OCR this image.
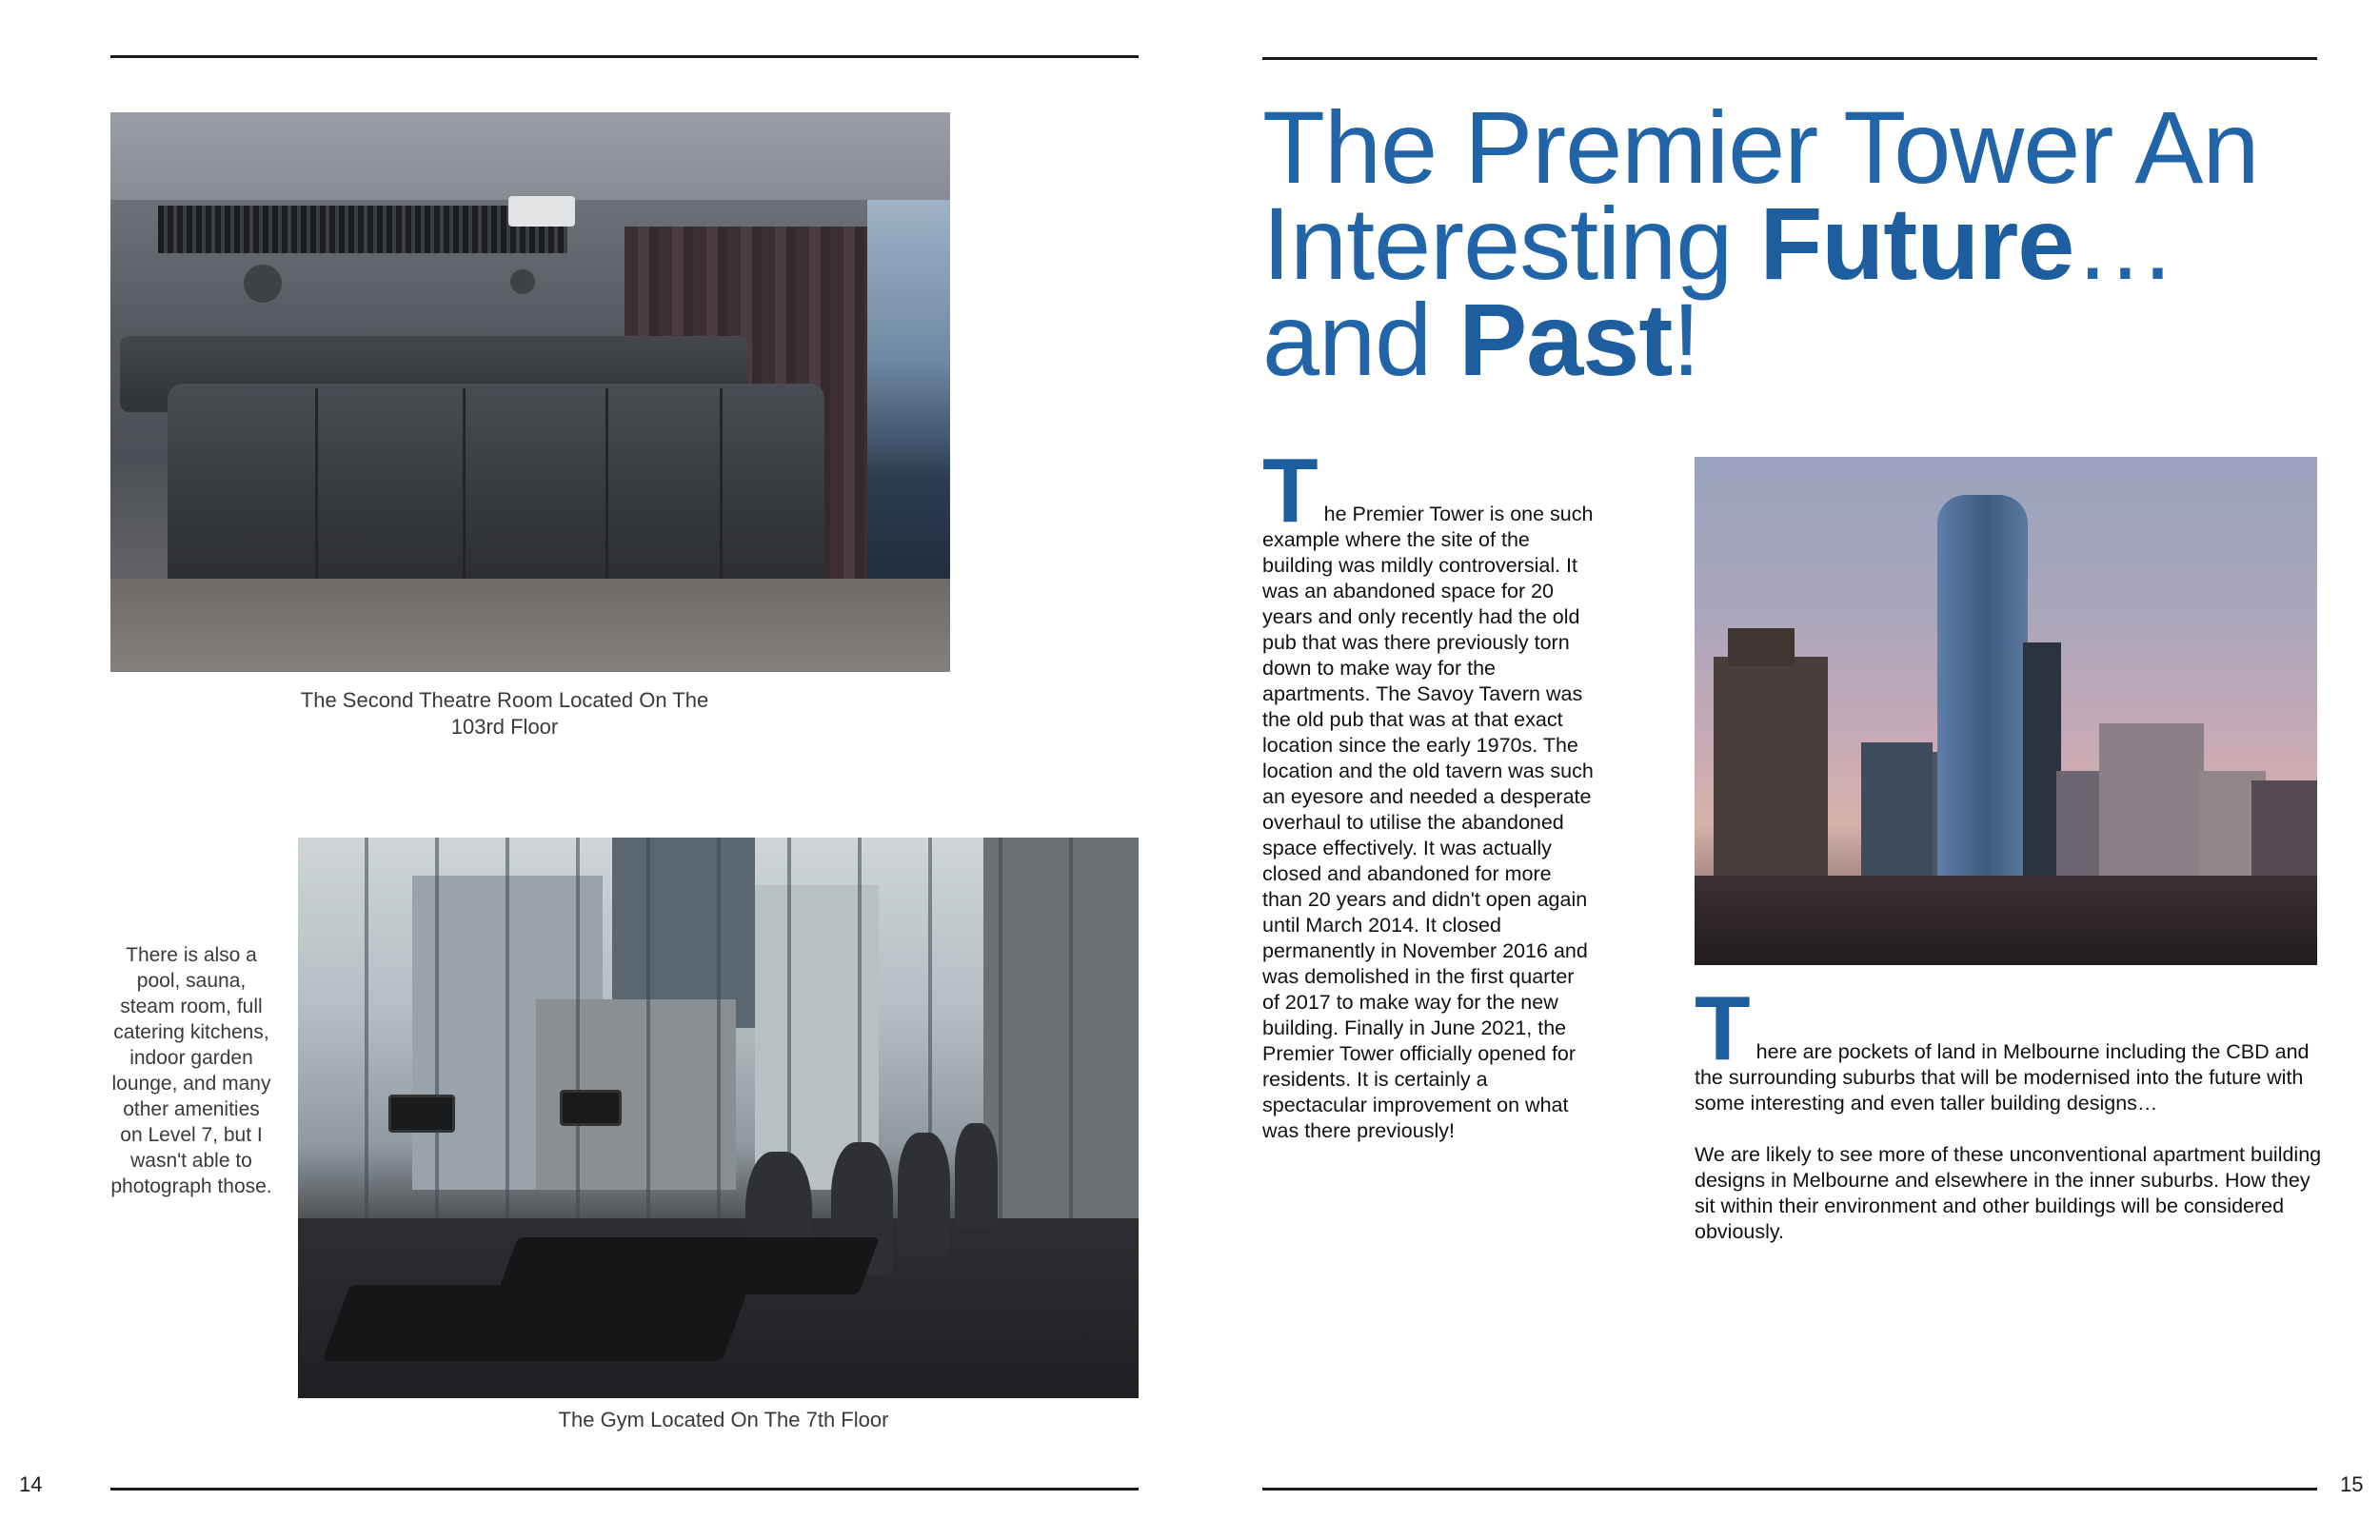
The Second Theatre Room Located On The 103rd Floor
There is also a pool, sauna, steam room, full catering kitchens, indoor garden lounge, and many other amenities on Level 7, but I wasn't able to photograph those.
The Gym Located On The 7th Floor
14
The Premier Tower An
Interesting Future…
and Past!
T he Premier Tower is one such example where the site of the building was mildly controversial. It was an abandoned space for 20 years and only recently had the old pub that was there previously torn down to make way for the apartments. The Savoy Tavern was the old pub that was at that exact location since the early 1970s. The location and the old tavern was such an eyesore and needed a desperate overhaul to utilise the abandoned space effectively. It was actually closed and abandoned for more than 20 years and didn't open again until March 2014. It closed permanently in November 2016 and was demolished in the first quarter of 2017 to make way for the new building. Finally in June 2021, the Premier Tower officially opened for residents. It is certainly a spectacular improvement on what was there previously!
T here are pockets of land in Melbourne including the CBD and the surrounding suburbs that will be modernised into the future with some interesting and even taller building designs…

We are likely to see more of these unconventional apartment building designs in Melbourne and elsewhere in the inner suburbs. How they sit within their environment and other buildings will be considered obviously.

15
